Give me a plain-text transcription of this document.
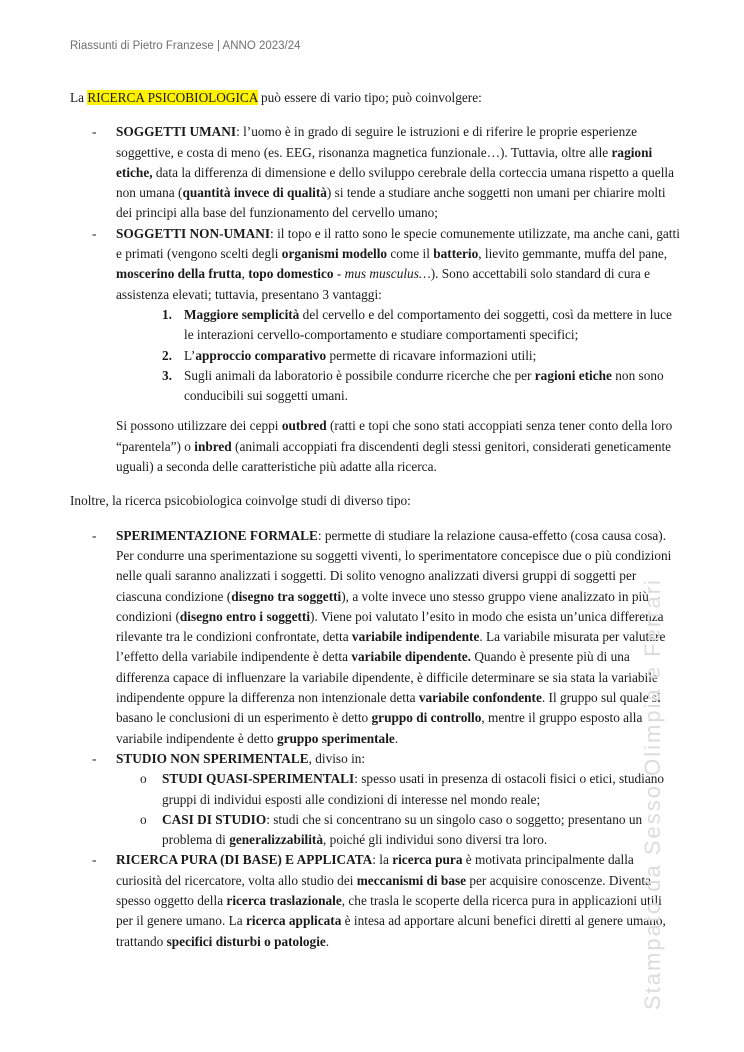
Riassunti di Pietro Franzese | ANNO 2023/24

La RICERCA PSICOBIOLOGICA può essere di vario tipo; può coinvolgere:

- SOGGETTI UMANI: l’uomo è in grado di seguire le istruzioni e di riferire le proprie esperienze soggettive, e costa di meno (es. EEG, risonanza magnetica funzionale…). Tuttavia, oltre alle ragioni etiche, data la differenza di dimensione e dello sviluppo cerebrale della corteccia umana rispetto a quella non umana (quantità invece di qualità) si tende a studiare anche soggetti non umani per chiarire molti dei principi alla base del funzionamento del cervello umano;
- SOGGETTI NON-UMANI: il topo e il ratto sono le specie comunemente utilizzate, ma anche cani, gatti e primati (vengono scelti degli organismi modello come il batterio, lievito gemmante, muffa del pane, moscerino della frutta, topo domestico - mus musculus…). Sono accettabili solo standard di cura e assistenza elevati; tuttavia, presentano 3 vantaggi:
1. Maggiore semplicità del cervello e del comportamento dei soggetti, così da mettere in luce le interazioni cervello-comportamento e studiare comportamenti specifici;
2. L’approccio comparativo permette di ricavare informazioni utili;
3. Sugli animali da laboratorio è possibile condurre ricerche che per ragioni etiche non sono conducibili sui soggetti umani.

Si possono utilizzare dei ceppi outbred (ratti e topi che sono stati accoppiati senza tener conto della loro “parentela”) o inbred (animali accoppiati fra discendenti degli stessi genitori, considerati geneticamente uguali) a seconda delle caratteristiche più adatte alla ricerca.

Inoltre, la ricerca psicobiologica coinvolge studi di diverso tipo:

- SPERIMENTAZIONE FORMALE: permette di studiare la relazione causa-effetto (cosa causa cosa). Per condurre una sperimentazione su soggetti viventi, lo sperimentatore concepisce due o più condizioni nelle quali saranno analizzati i soggetti. Di solito venogno analizzati diversi gruppi di soggetti per ciascuna condizione (disegno tra soggetti), a volte invece uno stesso gruppo viene analizzato in più condizioni (disegno entro i soggetti). Viene poi valutato l’esito in modo che esista un’unica differenza rilevante tra le condizioni confrontate, detta variabile indipendente. La variabile misurata per valutare l’effetto della variabile indipendente è detta variabile dipendente. Quando è presente più di una differenza capace di influenzare la variabile dipendente, è difficile determinare se sia stata la variabile indipendente oppure la differenza non intenzionale detta variabile confondente. Il gruppo sul quale si basano le conclusioni di un esperimento è detto gruppo di controllo, mentre il gruppo esposto alla variabile indipendente è detto gruppo sperimentale.
- STUDIO NON SPERIMENTALE, diviso in:
o STUDI QUASI-SPERIMENTALI: spesso usati in presenza di ostacoli fisici o etici, studiano gruppi di individui esposti alle condizioni di interesse nel mondo reale;
o CASI DI STUDIO: studi che si concentrano su un singolo caso o soggetto; presentano un problema di generalizzabilità, poiché gli individui sono diversi tra loro.
- RICERCA PURA (DI BASE) E APPLICATA: la ricerca pura è motivata principalmente dalla curiosità del ricercatore, volta allo studio dei meccanismi di base per acquisire conoscenze. Diventa spesso oggetto della ricerca traslazionale, che trasla le scoperte della ricerca pura in applicazioni utili per il genere umano. La ricerca applicata è intesa ad apportare alcuni benefici diretti al genere umano, trattando specifici disturbi o patologie.	Stampato da Sesso Olimpia e Ferrari
